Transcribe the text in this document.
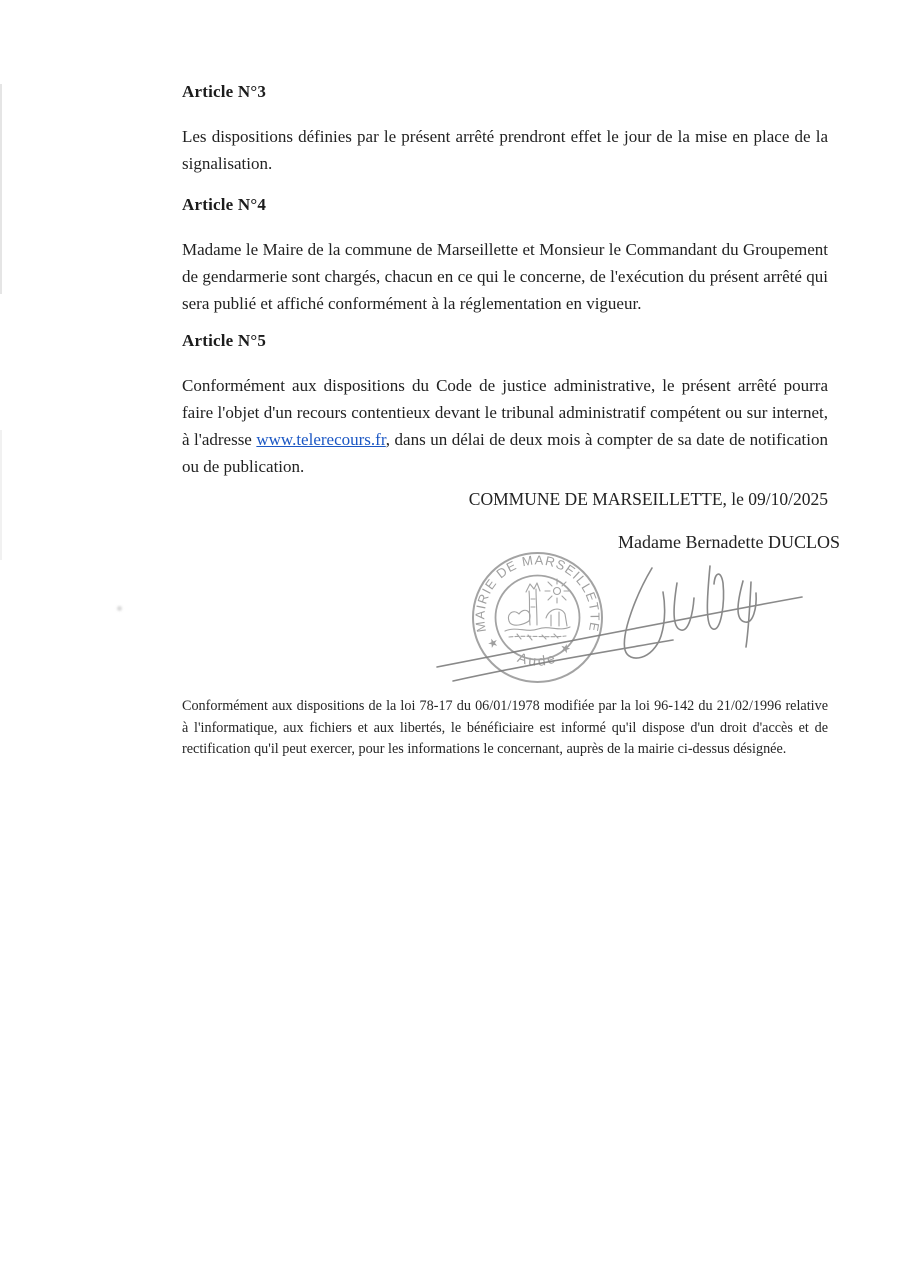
Article N°3

Les dispositions définies par le présent arrêté prendront effet le jour de la mise en place de la signalisation.

Article N°4

Madame le Maire de la commune de Marseillette et Monsieur le Commandant du Groupement de gendarmerie sont chargés, chacun en ce qui le concerne, de l'exécution du présent arrêté qui sera publié et affiché conformément à la réglementation en vigueur.

Article N°5

Conformément aux dispositions du Code de justice administrative, le présent arrêté pourra faire l'objet d'un recours contentieux devant le tribunal administratif compétent ou sur internet, à l'adresse www.telerecours.fr, dans un délai de deux mois à compter de sa date de notification ou de publication.

COMMUNE DE MARSEILLETTE, le 09/10/2025
Madame Bernadette DUCLOS
MAIRIE DE MARSEILLETTE
Aude
★	★

Conformément aux dispositions de la loi 78-17 du 06/01/1978 modifiée par la loi 96-142 du 21/02/1996 relative à l'informatique, aux fichiers et aux libertés, le bénéficiaire est informé qu'il dispose d'un droit d'accès et de rectification qu'il peut exercer, pour les informations le concernant, auprès de la mairie ci-dessus désignée.
